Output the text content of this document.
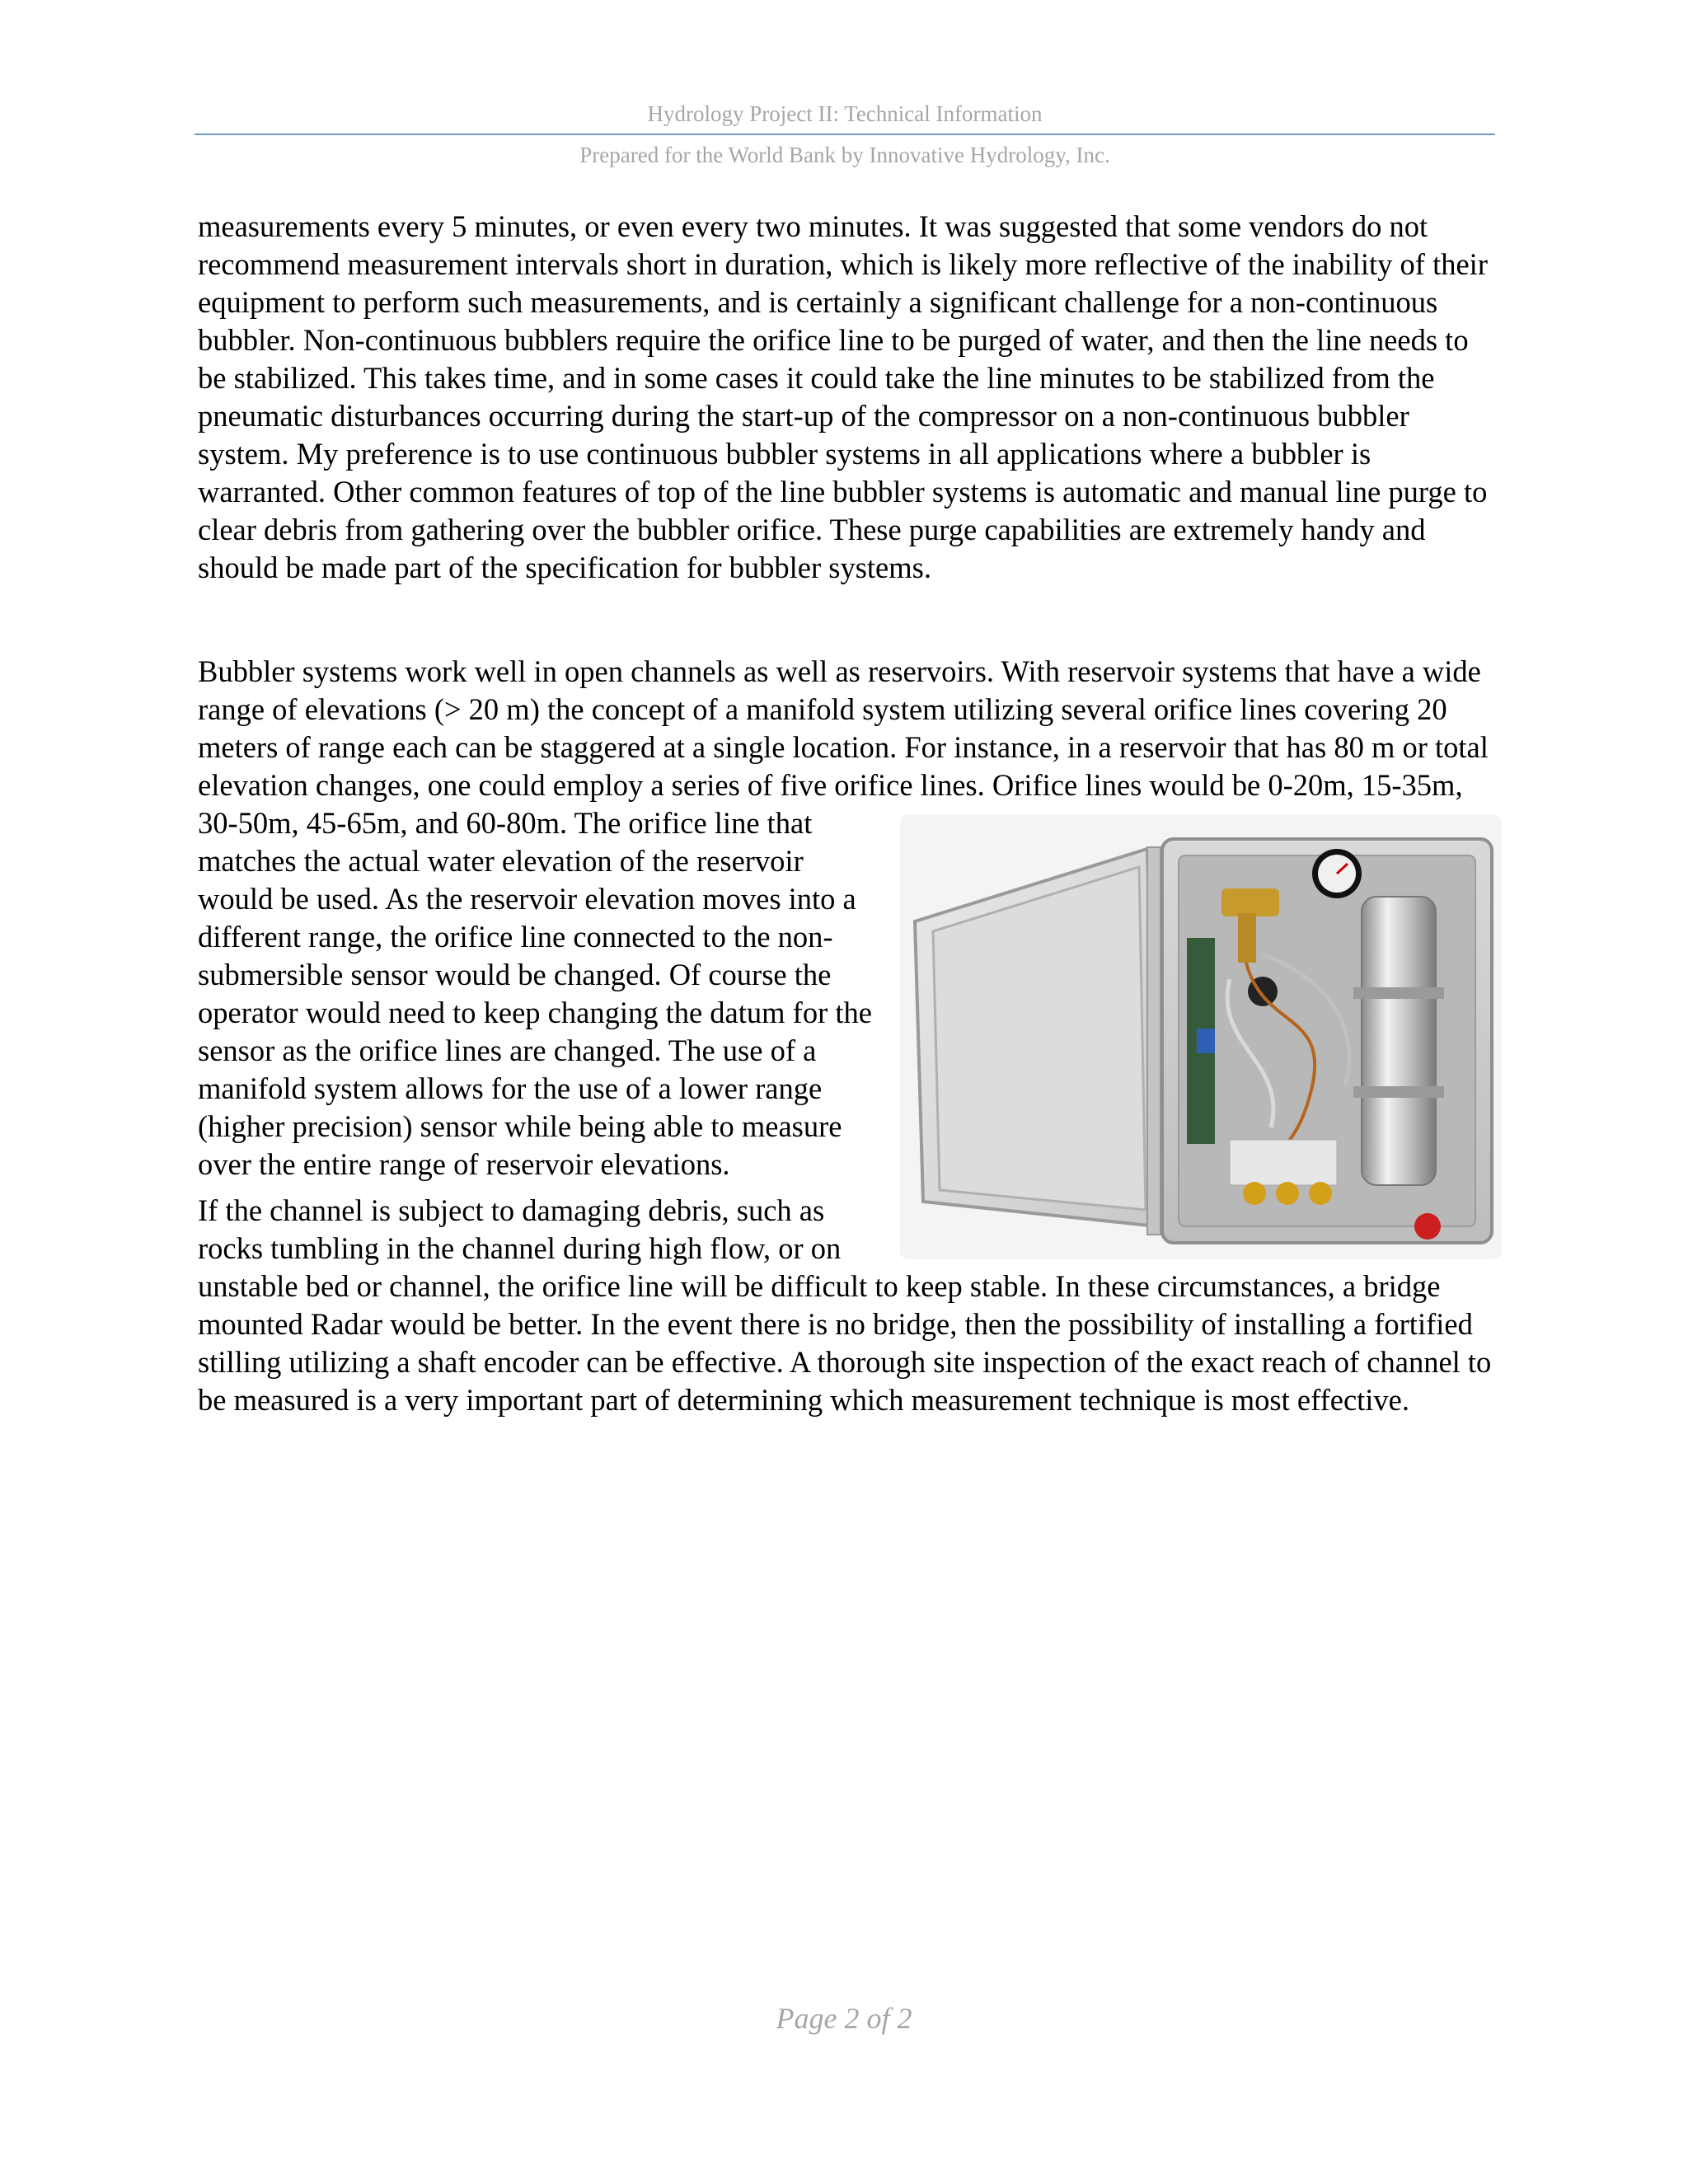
Hydrology Project II: Technical Information
Prepared for the World Bank by Innovative Hydrology, Inc.

measurements every 5 minutes, or even every two minutes. It was suggested that some vendors do not recommend measurement intervals short in duration, which is likely more reflective of the inability of their equipment to perform such measurements, and is certainly a significant challenge for a non-continuous bubbler. Non-continuous bubblers require the orifice line to be purged of water, and then the line needs to be stabilized. This takes time, and in some cases it could take the line minutes to be stabilized from the pneumatic disturbances occurring during the start-up of the compressor on a non-continuous bubbler system. My preference is to use continuous bubbler systems in all applications where a bubbler is warranted. Other common features of top of the line bubbler systems is automatic and manual line purge to clear debris from gathering over the bubbler orifice. These purge capabilities are extremely handy and should be made part of the specification for bubbler systems.

Bubbler systems work well in open channels as well as reservoirs. With reservoir systems that have a wide range of elevations (> 20 m) the concept of a manifold system utilizing several orifice lines covering 20 meters of range each can be staggered at a single location. For instance, in a reservoir that has 80 m or total elevation changes, one could employ a series of five orifice lines. Orifice lines would be 0-20m, 15-35m, 30-50m, 45-65m, and 60-80m. The orifice line that
matches the actual water elevation of the reservoir would be used. As the reservoir elevation moves into a different range, the orifice line connected to the non-submersible sensor would be changed. Of course the operator would need to keep changing the datum for the sensor as the orifice lines are changed. The use of a manifold system allows for the use of a lower range (higher precision) sensor while being able to measure over the entire range of reservoir elevations.

If the channel is subject to damaging debris, such as rocks tumbling in the channel during high flow, or on unstable bed or channel, the orifice line will be difficult to keep stable. In these circumstances, a bridge mounted Radar would be better. In the event there is no bridge, then the possibility of installing a fortified stilling utilizing a shaft encoder can be effective. A thorough site inspection of the exact reach of channel to be measured is a very important part of determining which measurement technique is most effective.

Page 2 of 2
